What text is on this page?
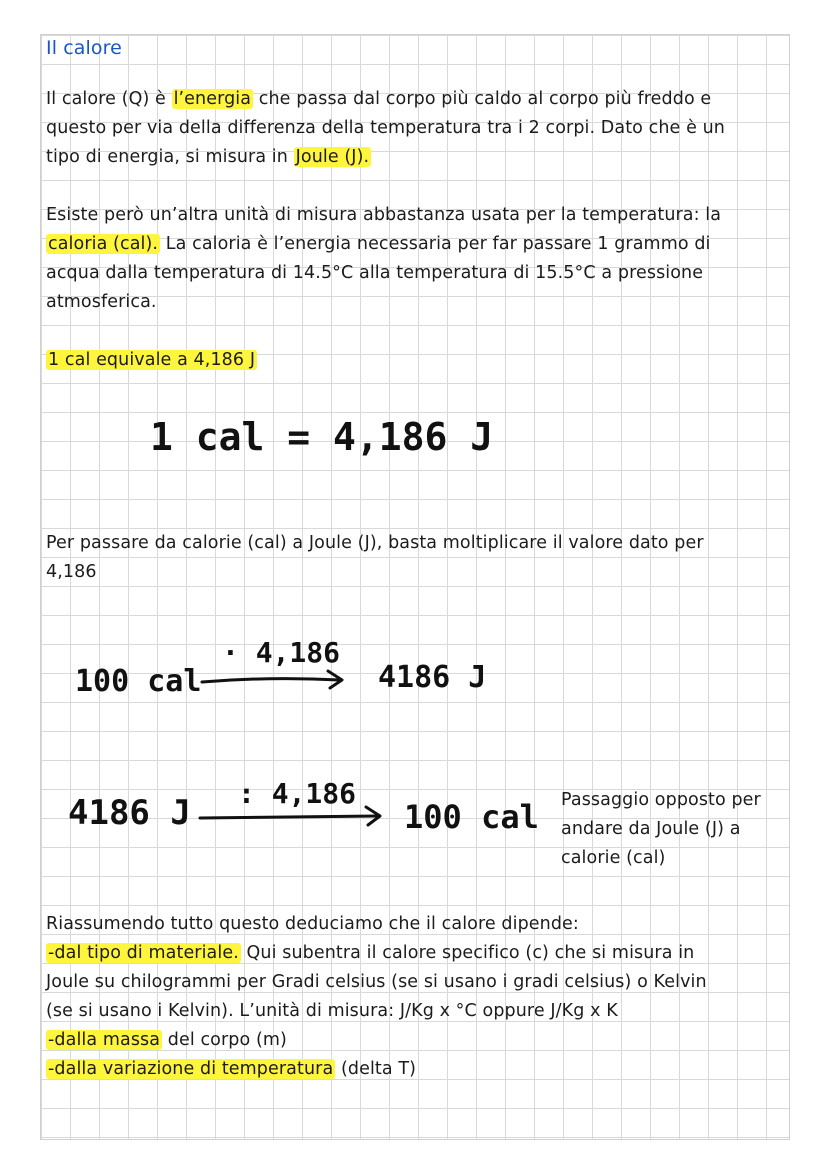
Il calore
Il calore (Q) è l’energia che passa dal corpo più caldo al corpo più freddo e
questo per via della differenza della temperatura tra i 2 corpi. Dato che è un
tipo di energia, si misura in Joule (J).
Esiste però un’altra unità di misura abbastanza usata per la temperatura: la
caloria (cal). La caloria è l’energia necessaria per far passare 1 grammo di
acqua dalla temperatura di 14.5°C alla temperatura di 15.5°C a pressione
atmosferica.
1 cal equivale a 4,186 J
1 cal = 4,186 J
Per passare da calorie (cal) a Joule (J), basta moltiplicare il valore dato per
4,186
100 cal
· 4,186
4186 J
4186 J : 4,186
100 cal Passaggio opposto per
andare da Joule (J) a
calorie (cal)
Riassumendo tutto questo deduciamo che il calore dipende:
-dal tipo di materiale. Qui subentra il calore specifico (c) che si misura in
Joule su chilogrammi per Gradi celsius (se si usano i gradi celsius) o Kelvin
(se si usano i Kelvin). L’unità di misura: J/Kg x °C oppure J/Kg x K
-dalla massa del corpo (m)
-dalla variazione di temperatura (delta T)
